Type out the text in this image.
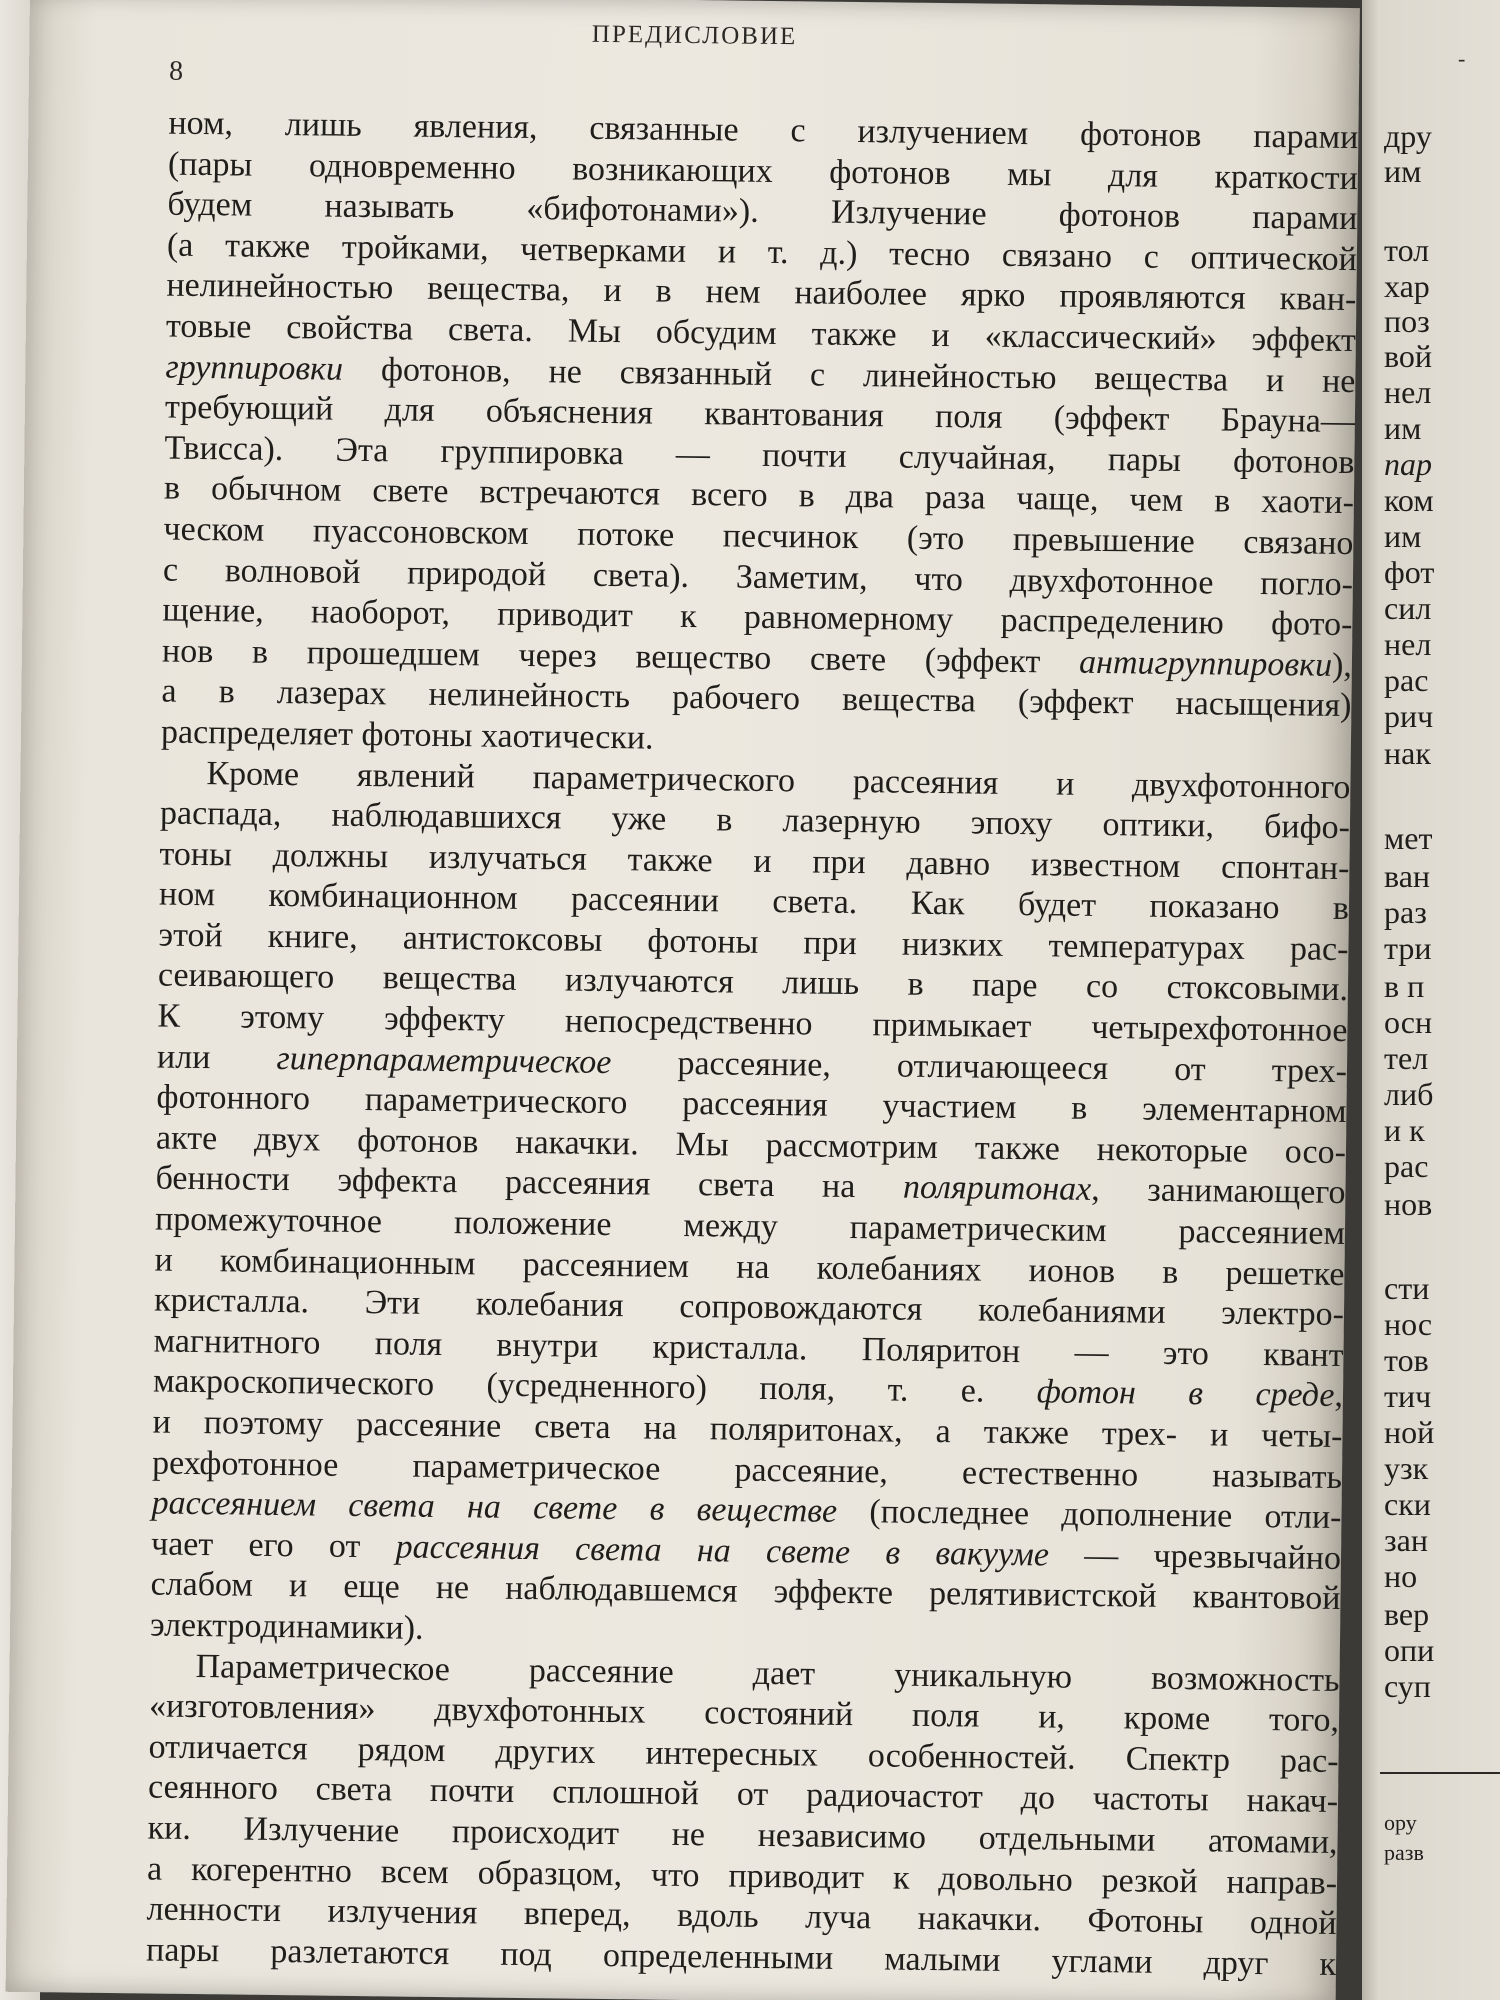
ПРЕДИСЛОВИЕ
8
ном, лишь явления, связанные с излучением фотонов парами
(пары одновременно возникающих фотонов мы для краткости
будем называть «бифотонами»). Излучение фотонов парами
(а также тройками, четверками и т. д.) тесно связано с оптической
нелинейностью вещества, и в нем наиболее ярко проявляются кван-
товые свойства света. Мы обсудим также и «классический» эффект
группировки фотонов, не связанный с линейностью вещества и не
требующий для объяснения квантования поля (эффект Брауна—
Твисса). Эта группировка — почти случайная, пары фотонов
в обычном свете встречаются всего в два раза чаще, чем в хаоти-
ческом пуассоновском потоке песчинок (это превышение связано
с волновой природой света). Заметим, что двухфотонное погло-
щение, наоборот, приводит к равномерному распределению фото-
нов в прошедшем через вещество свете (эффект антигруппировки),
а в лазерах нелинейность рабочего вещества (эффект насыщения)
распределяет фотоны хаотически.
Кроме явлений параметрического рассеяния и двухфотонного
распада, наблюдавшихся уже в лазерную эпоху оптики, бифо-
тоны должны излучаться также и при давно известном спонтан-
ном комбинационном рассеянии света. Как будет показано в
этой книге, антистоксовы фотоны при низких температурах рас-
сеивающего вещества излучаются лишь в паре со стоксовыми.
К этому эффекту непосредственно примыкает четырехфотонное
или гиперпараметрическое рассеяние, отличающееся от трех-
фотонного параметрического рассеяния участием в элементарном
акте двух фотонов накачки. Мы рассмотрим также некоторые осо-
бенности эффекта рассеяния света на поляритонах, занимающего
промежуточное положение между параметрическим рассеянием
и комбинационным рассеянием на колебаниях ионов в решетке
кристалла. Эти колебания сопровождаются колебаниями электро-
магнитного поля внутри кристалла. Поляритон — это квант
макроскопического (усредненного) поля, т. е. фотон в среде,
и поэтому рассеяние света на поляритонах, а также трех- и четы-
рехфотонное параметрическое рассеяние, естественно называть
рассеянием света на свете в веществе (последнее дополнение отли-
чает его от рассеяния света на свете в вакууме — чрезвычайно
слабом и еще не наблюдавшемся эффекте релятивистской квантовой
электродинамики).
Параметрическое рассеяние дает уникальную возможность
«изготовления» двухфотонных состояний поля и, кроме того,
отличается рядом других интересных особенностей. Спектр рас-
сеянного света почти сплошной от радиочастот до частоты накач-
ки. Излучение происходит не независимо отдельными атомами,
а когерентно всем образцом, что приводит к довольно резкой направ-
ленности излучения вперед, вдоль луча накачки. Фотоны одной
пары разлетаются под определенными малыми углами друг к
дру
им
тол
хар
поз
вой
нел
им
пар
ком
им
фот
сил
нел
рас
рич
нак
мет
ван
раз
три
в п
осн
тел
либ
и к
рас
нов
сти
нос
тов
тич
ной
узк
ски
зан
но
вер
опи
суп
ору
разв
-
